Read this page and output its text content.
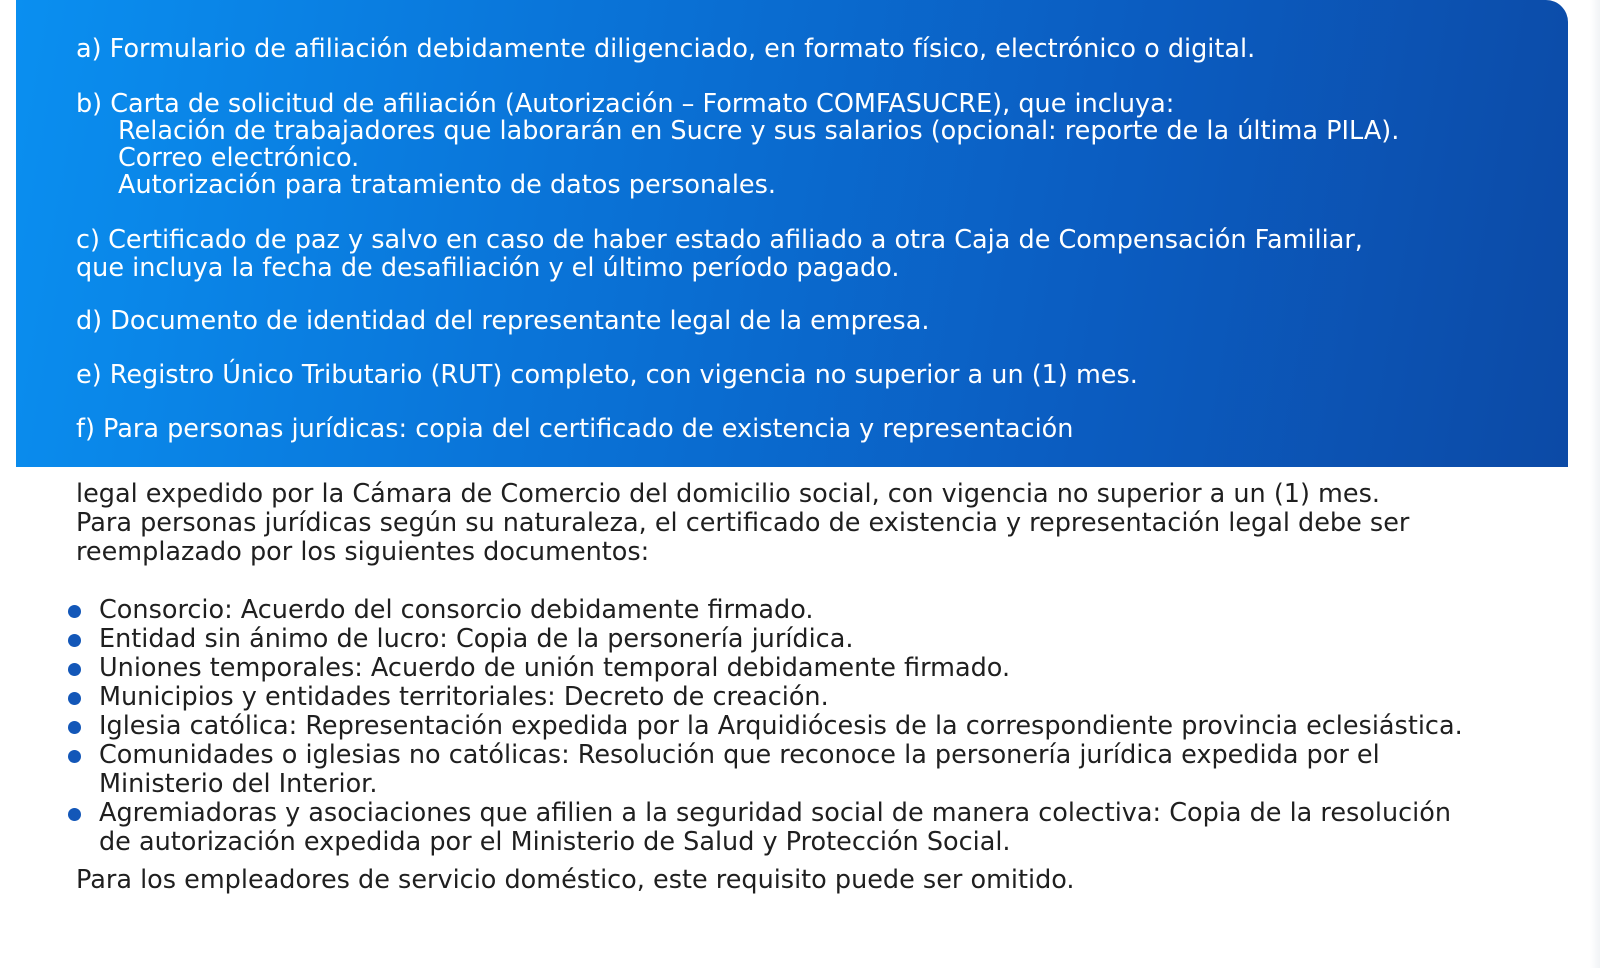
a) Formulario de afiliación debidamente diligenciado, en formato físico, electrónico o digital.

b) Carta de solicitud de afiliación (Autorización – Formato COMFASUCRE), que incluya:
Relación de trabajadores que laborarán en Sucre y sus salarios (opcional: reporte de la última PILA).
Correo electrónico.
Autorización para tratamiento de datos personales.

c) Certificado de paz y salvo en caso de haber estado afiliado a otra Caja de Compensación Familiar,
que incluya la fecha de desafiliación y el último período pagado.

d) Documento de identidad del representante legal de la empresa.

e) Registro Único Tributario (RUT) completo, con vigencia no superior a un (1) mes.

f) Para personas jurídicas: copia del certificado de existencia y representación

legal expedido por la Cámara de Comercio del domicilio social, con vigencia no superior a un (1) mes.
Para personas jurídicas según su naturaleza, el certificado de existencia y representación legal debe ser
reemplazado por los siguientes documentos:
Consorcio: Acuerdo del consorcio debidamente firmado.
Entidad sin ánimo de lucro: Copia de la personería jurídica.
Uniones temporales: Acuerdo de unión temporal debidamente firmado.
Municipios y entidades territoriales: Decreto de creación.
Iglesia católica: Representación expedida por la Arquidiócesis de la correspondiente provincia eclesiástica.
Comunidades o iglesias no católicas: Resolución que reconoce la personería jurídica expedida por el
Ministerio del Interior.
Agremiadoras y asociaciones que afilien a la seguridad social de manera colectiva: Copia de la resolución
de autorización expedida por el Ministerio de Salud y Protección Social.

Para los empleadores de servicio doméstico, este requisito puede ser omitido.
